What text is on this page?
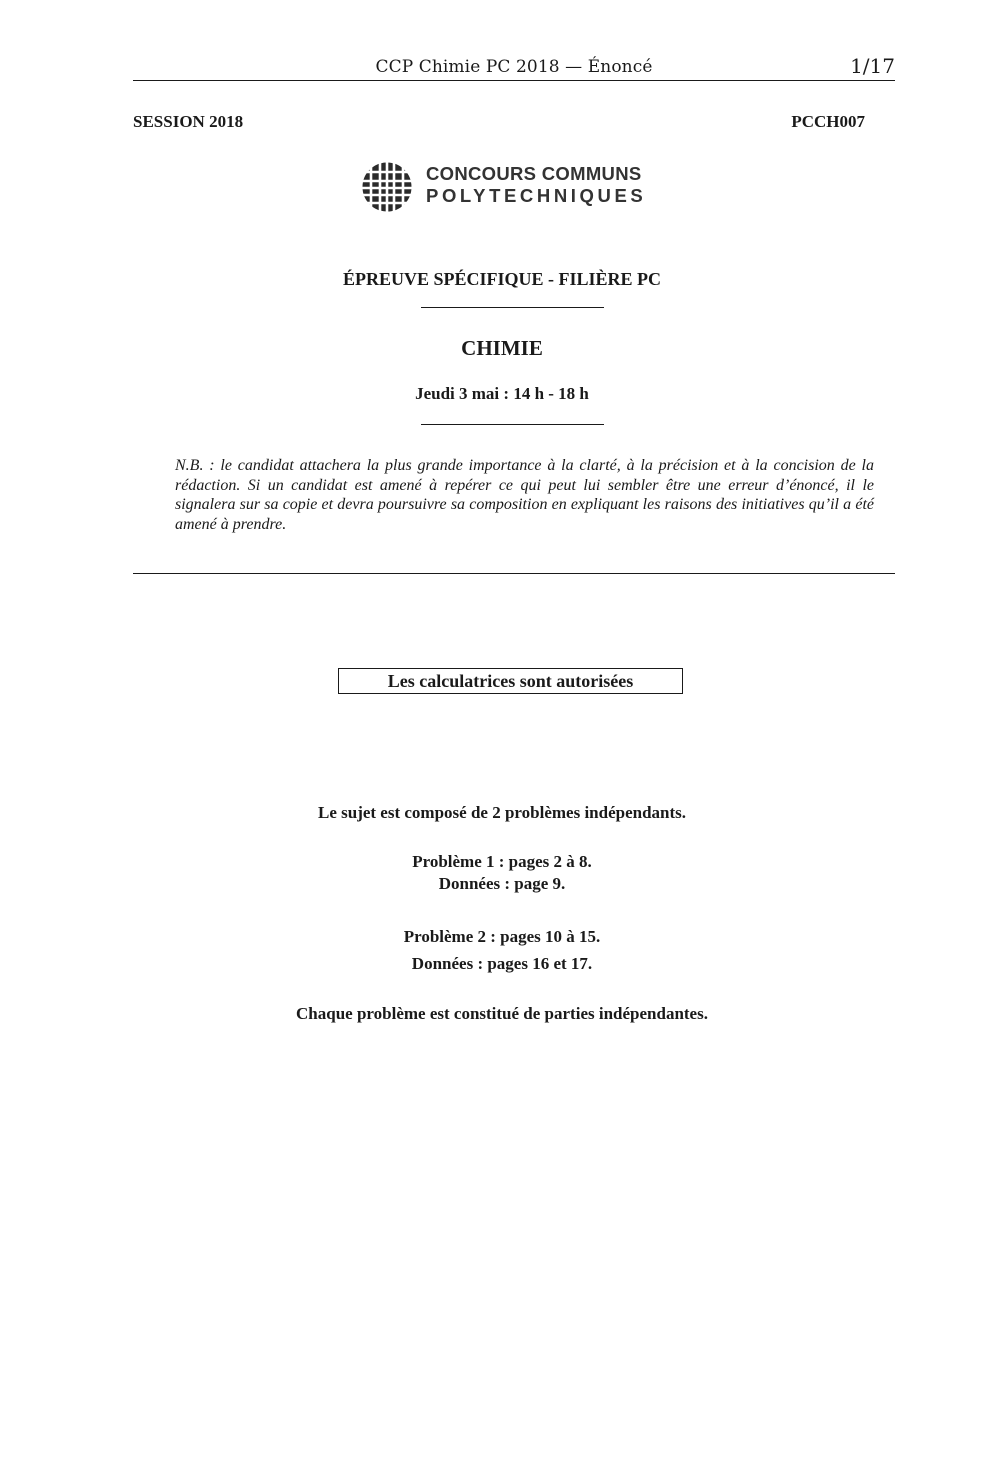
CCP Chimie PC 2018 — Énoncé	1/17
SESSION 2018	PCCH007
CONCOURS COMMUNS
POLYTECHNIQUES
ÉPREUVE SPÉCIFIQUE - FILIÈRE PC
CHIMIE
Jeudi 3 mai : 14 h - 18 h
N.B. : le candidat attachera la plus grande importance à la clarté, à la précision et à la concision de la rédaction. Si un candidat est amené à repérer ce qui peut lui sembler être une erreur d’énoncé, il le signalera sur sa copie et devra poursuivre sa composition en expliquant les raisons des initiatives qu’il a été amené à prendre.
Les calculatrices sont autorisées
Le sujet est composé de 2 problèmes indépendants.
Problème 1 : pages 2 à 8.
Données : page 9.
Problème 2 : pages 10 à 15.
Données : pages 16 et 17.
Chaque problème est constitué de parties indépendantes.
